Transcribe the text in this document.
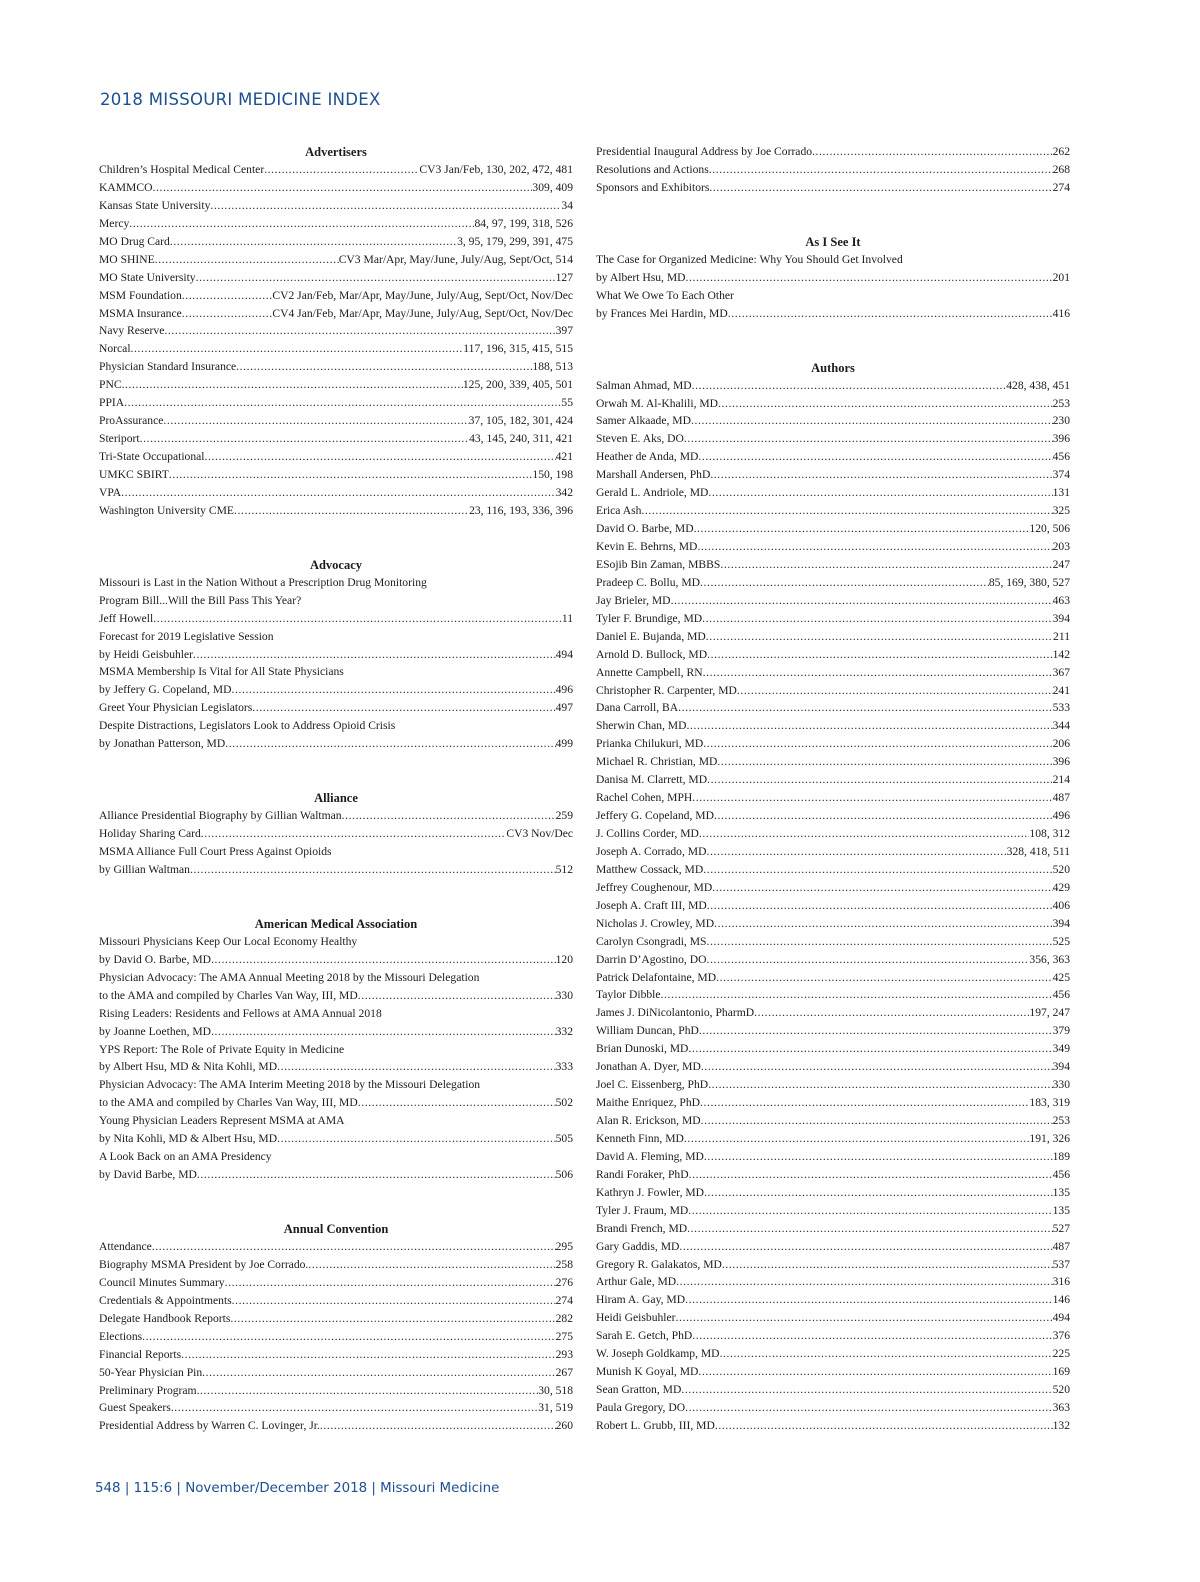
2018 MISSOURI MEDICINE INDEX
Advertisers
Children’s Hospital Medical Center .....	CV3 Jan/Feb, 130, 202, 472, 481
KAMMCO .....	309, 409
Kansas State University .....	34
Mercy .....	84, 97, 199, 318, 526
MO Drug Card .....	3, 95, 179, 299, 391, 475
MO SHINE .....	CV3 Mar/Apr, May/June, July/Aug, Sept/Oct, 514
MO State University .....	127
MSM Foundation .....	CV2 Jan/Feb, Mar/Apr, May/June, July/Aug, Sept/Oct, Nov/Dec
MSMA Insurance .....	CV4 Jan/Feb, Mar/Apr, May/June, July/Aug, Sept/Oct, Nov/Dec
Navy Reserve .....	397
Norcal .....	117, 196, 315, 415, 515
Physician Standard Insurance .....	188, 513
PNC .....	125, 200, 339, 405, 501
PPIA .....	55
ProAssurance .....	37, 105, 182, 301, 424
Steriport .....	43, 145, 240, 311, 421
Tri-State Occupational .....	421
UMKC SBIRT .....	150, 198
VPA .....	342
Washington University CME .....	23, 116, 193, 336, 396
Advocacy
Missouri is Last in the Nation Without a Prescription Drug Monitoring
Program Bill...Will the Bill Pass This Year?
Jeff Howell .....	11
Forecast for 2019 Legislative Session
by Heidi Geisbuhler .....	494
MSMA Membership Is Vital for All State Physicians
by Jeffery G. Copeland, MD .....	496
Greet Your Physician Legislators .....	497
Despite Distractions, Legislators Look to Address Opioid Crisis
by Jonathan Patterson, MD .....	499
Alliance
Alliance Presidential Biography by Gillian Waltman .....	259
Holiday Sharing Card .....	CV3 Nov/Dec
MSMA Alliance Full Court Press Against Opioids
by Gillian Waltman .....	512
American Medical Association
Missouri Physicians Keep Our Local Economy Healthy
by David O. Barbe, MD .....	120
Physician Advocacy: The AMA Annual Meeting 2018 by the Missouri Delegation
to the AMA and compiled by Charles Van Way, III, MD .....	330
Rising Leaders: Residents and Fellows at AMA Annual 2018
by Joanne Loethen, MD .....	332
YPS Report: The Role of Private Equity in Medicine
by Albert Hsu, MD & Nita Kohli, MD .....	333
Physician Advocacy: The AMA Interim Meeting 2018 by the Missouri Delegation
to the AMA and compiled by Charles Van Way, III, MD .....	502
Young Physician Leaders Represent MSMA at AMA
by Nita Kohli, MD & Albert Hsu, MD .....	505
A Look Back on an AMA Presidency
by David Barbe, MD .....	506
Annual Convention
Attendance .....	295
Biography MSMA President by Joe Corrado. .....	258
Council Minutes Summary .....	276
Credentials & Appointments .....	274
Delegate Handbook Reports .....	282
Elections .....	275
Financial Reports .....	293
50-Year Physician Pin .....	267
Preliminary Program .....	30, 518
Guest Speakers .....	31, 519
Presidential Address by Warren C. Lovinger, Jr. .....	260
Presidential Inaugural Address by Joe Corrado .....	262
Resolutions and Actions .....	268
Sponsors and Exhibitors .....	274
As I See It
The Case for Organized Medicine: Why You Should Get Involved
by Albert Hsu, MD .....	201
What We Owe To Each Other
by Frances Mei Hardin, MD .....	416
Authors
Salman Ahmad, MD .....	428, 438, 451
Orwah M. Al-Khalili, MD .....	253
Samer Alkaade, MD .....	230
Steven E. Aks, DO .....	396
Heather de Anda, MD .....	456
Marshall Andersen, PhD .....	374
Gerald L. Andriole, MD .....	131
Erica Ash .....	325
David O. Barbe, MD .....	120, 506
Kevin E. Behrns, MD .....	203
ESojib Bin Zaman, MBBS .....	247
Pradeep C. Bollu, MD .....	85, 169, 380, 527
Jay Brieler, MD .....	463
Tyler F. Brundige, MD .....	394
Daniel E. Bujanda, MD .....	211
Arnold D. Bullock, MD .....	142
Annette Campbell, RN .....	367
Christopher R. Carpenter, MD .....	241
Dana Carroll, BA .....	533
Sherwin Chan, MD .....	344
Prianka Chilukuri, MD .....	206
Michael R. Christian, MD .....	396
Danisa M. Clarrett, MD .....	214
Rachel Cohen, MPH .....	487
Jeffery G. Copeland, MD .....	496
J. Collins Corder, MD .....	108, 312
Joseph A. Corrado, MD .....	328, 418, 511
Matthew Cossack, MD .....	520
Jeffrey Coughenour, MD .....	429
Joseph A. Craft III, MD .....	406
Nicholas J. Crowley, MD .....	394
Carolyn Csongradi, MS .....	525
Darrin D’Agostino, DO .....	356, 363
Patrick Delafontaine, MD .....	425
Taylor Dibble .....	456
James J. DiNicolantonio, PharmD .....	197, 247
William Duncan, PhD .....	379
Brian Dunoski, MD .....	349
Jonathan A. Dyer, MD .....	394
Joel C. Eissenberg, PhD .....	330
Maithe Enriquez, PhD .....	183, 319
Alan R. Erickson, MD .....	253
Kenneth Finn, MD .....	191, 326
David A. Fleming, MD .....	189
Randi Foraker, PhD .....	456
Kathryn J. Fowler, MD .....	135
Tyler J. Fraum, MD .....	135
Brandi French, MD .....	527
Gary Gaddis, MD .....	487
Gregory R. Galakatos, MD .....	537
Arthur Gale, MD .....	316
Hiram A. Gay, MD .....	146
Heidi Geisbuhler .....	494
Sarah E. Getch, PhD .....	376
W. Joseph Goldkamp, MD .....	225
Munish K Goyal, MD .....	169
Sean Gratton, MD .....	520
Paula Gregory, DO .....	363
Robert L. Grubb, III, MD .....	132
548 | 115:6 | November/December 2018 | Missouri Medicine
